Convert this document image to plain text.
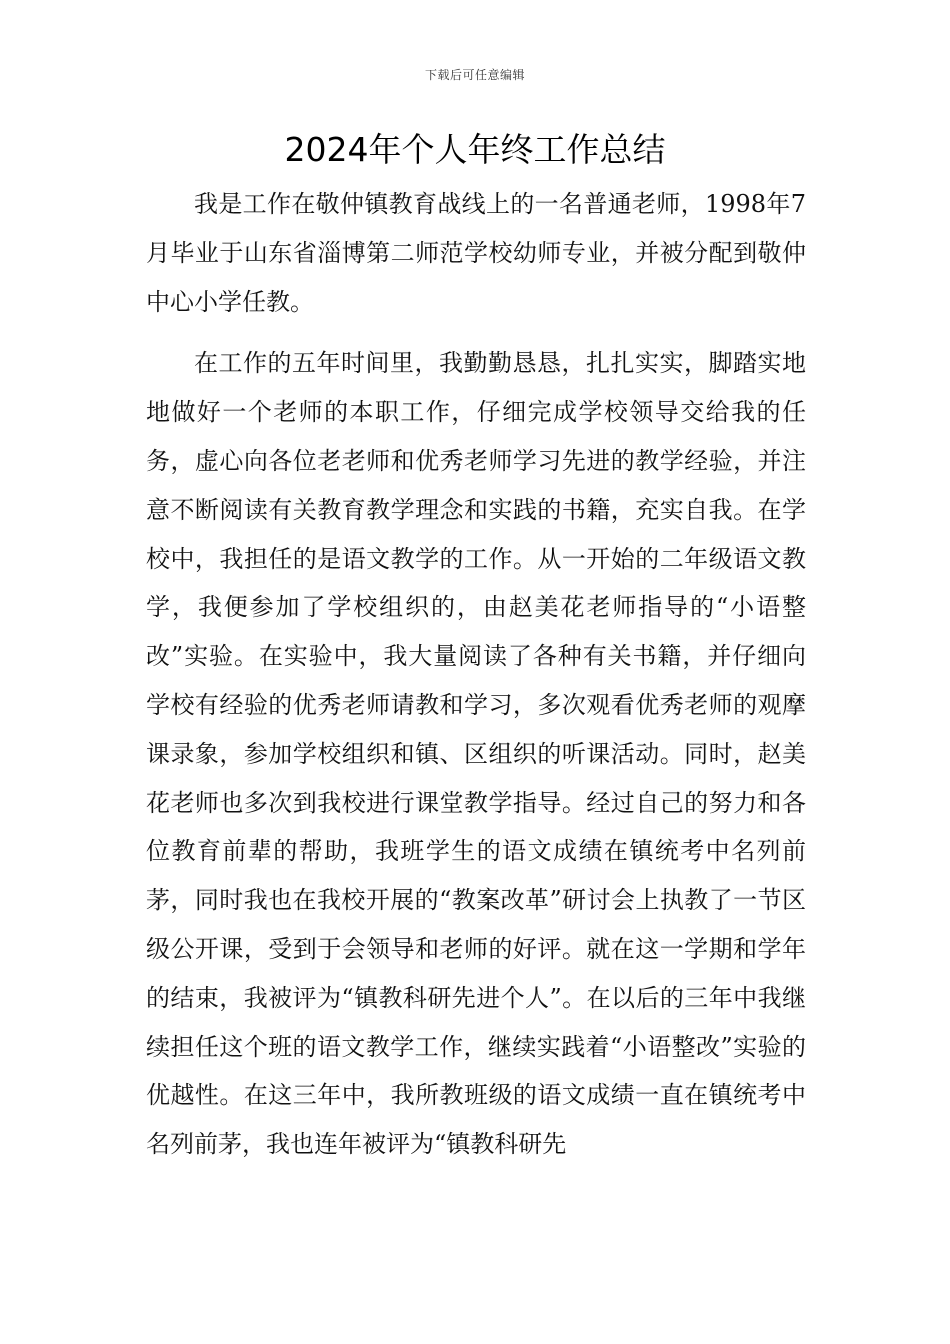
下载后可任意编辑
2024年个人年终工作总结

我是工作在敬仲镇教育战线上的一名普通老师，1998年7月毕业于山东省淄博第二师范学校幼师专业，并被分配到敬仲中心小学任教。

在工作的五年时间里，我勤勤恳恳，扎扎实实，脚踏实地地做好一个老师的本职工作，仔细完成学校领导交给我的任务，虚心向各位老老师和优秀老师学习先进的教学经验，并注意不断阅读有关教育教学理念和实践的书籍，充实自我。在学校中，我担任的是语文教学的工作。从一开始的二年级语文教学，我便参加了学校组织的，由赵美花老师指导的“小语整改”实验。在实验中，我大量阅读了各种有关书籍，并仔细向学校有经验的优秀老师请教和学习，多次观看优秀老师的观摩课录象，参加学校组织和镇、区组织的听课活动。同时，赵美花老师也多次到我校进行课堂教学指导。经过自己的努力和各位教育前辈的帮助，我班学生的语文成绩在镇统考中名列前茅，同时我也在我校开展的“教案改革”研讨会上执教了一节区级公开课，受到于会领导和老师的好评。就在这一学期和学年的结束，我被评为“镇教科研先进个人”。在以后的三年中我继续担任这个班的语文教学工作，继续实践着“小语整改”实验的优越性。在这三年中，我所教班级的语文成绩一直在镇统考中名列前茅，我也连年被评为“镇教科研先
